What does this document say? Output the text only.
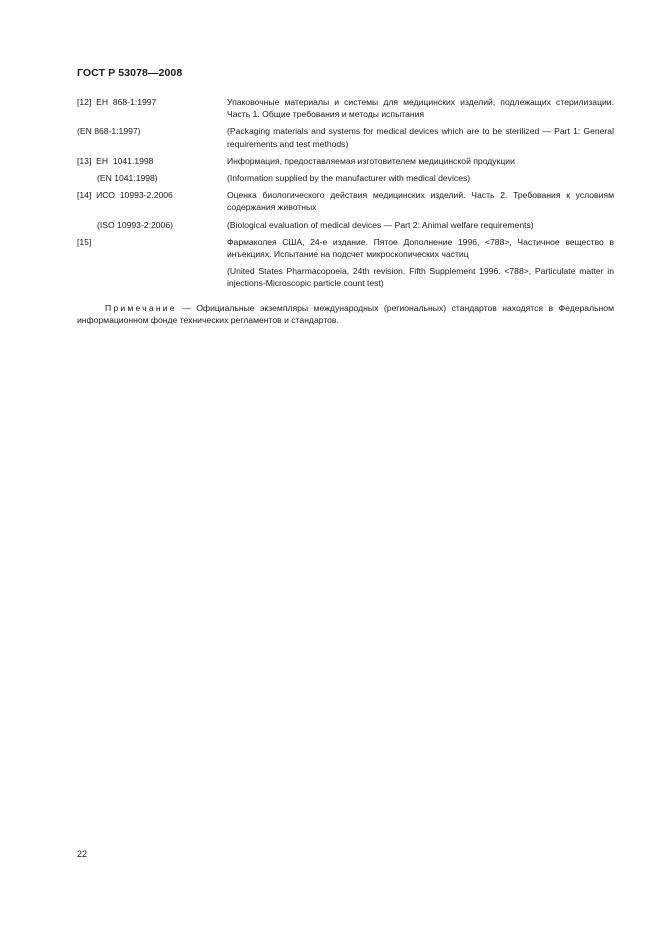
ГОСТ Р 53078—2008
[12]  ЕН  868-1:1997	Упаковочные материалы и системы для медицинских изделий, подлежащих стерилизации. Часть 1. Общие требования и методы испытания
(EN 868-1:1997)	(Packaging materials and systems for medical devices which are to be sterilized — Part 1: General requirements and test methods)
[13]  ЕН  1041.1998	Информация, предоставляемая изготовителем медицинской продукции
(EN 1041:1998)	(Information supplied by the manufacturer with medical devices)
[14]  ИСО  10993-2.2006	Оценка биологического действия медицинских изделий. Часть 2. Требования к условиям содержания животных
(ISO 10993-2:2006)	(Biological evaluation of medical devices — Part 2: Animal welfare requirements)
[15]	Фармаколея США, 24-е издание. Пятое Дополнение 1996, <788>, Частичное вещество в инъекциях. Испытание на подсчет микроскопических частиц
(United States Pharmacopoeia, 24th revision. Fifth Supplement 1996. <788>, Particulate matter in injections-Microscopic particle count test)
Примечание — Официальные экземпляры международных (региональных) стандартов находятся в Федеральном информационном фонде технических регламентов и стандартов.
22
